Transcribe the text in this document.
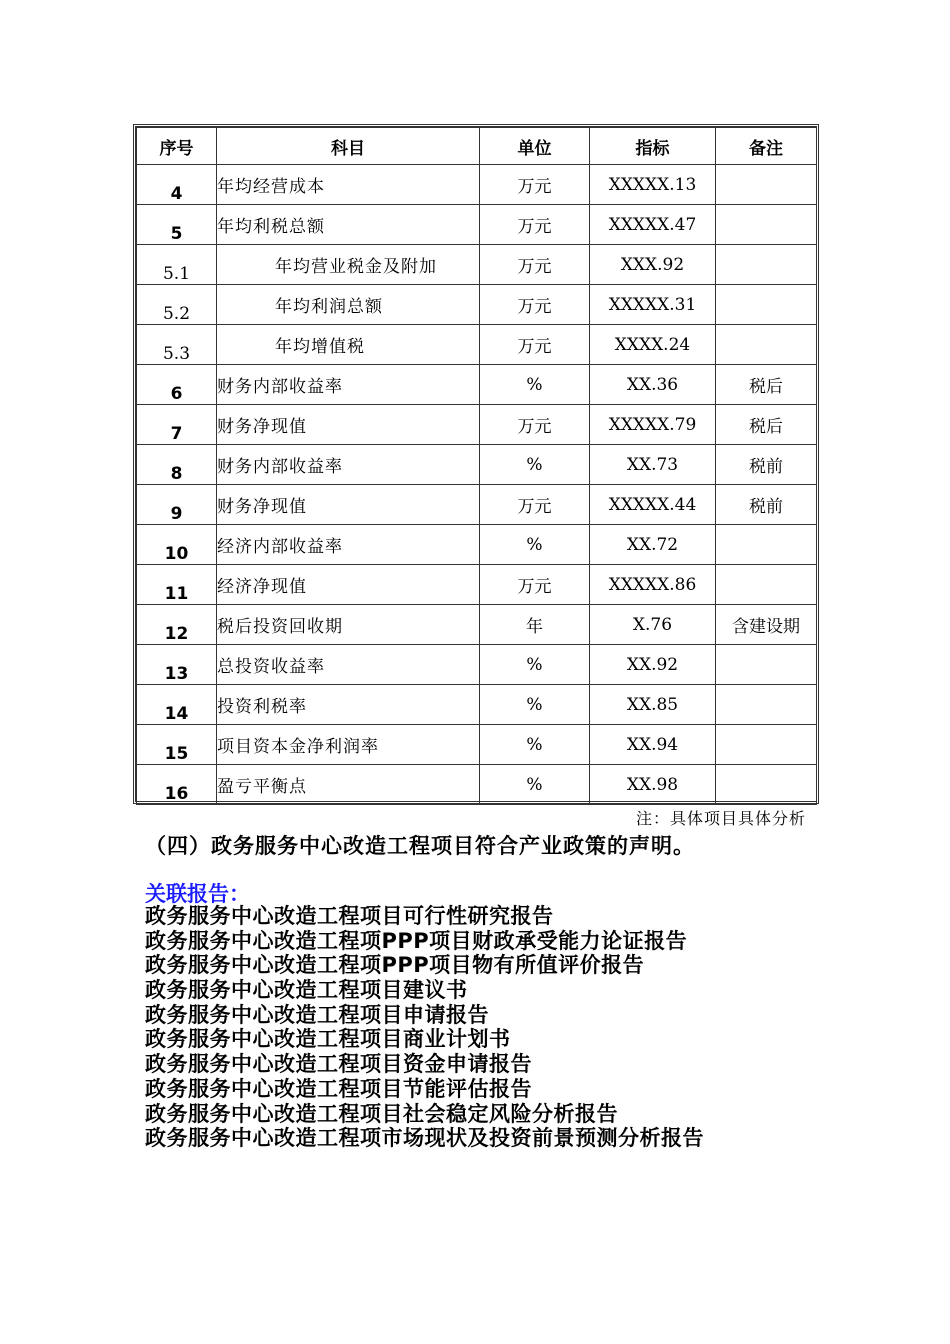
序号	科目	单位	指标	备注
4	年均经营成本	万元	XXXXX.13	
5	年均利税总额	万元	XXXXX.47	
5.1	年均营业税金及附加	万元	XXX.92	
5.2	年均利润总额	万元	XXXXX.31	
5.3	年均增值税	万元	XXXX.24	
6	财务内部收益率	%	XX.36	税后
7	财务净现值	万元	XXXXX.79	税后
8	财务内部收益率	%	XX.73	税前
9	财务净现值	万元	XXXXX.44	税前
10	经济内部收益率	%	XX.72	
11	经济净现值	万元	XXXXX.86	
12	税后投资回收期	年	X.76	含建设期
13	总投资收益率	%	XX.92	
14	投资利税率	%	XX.85	
15	项目资本金净利润率	%	XX.94	
16	盈亏平衡点	%	XX.98	
注：具体项目具体分析
（四）政务服务中心改造工程项目符合产业政策的声明。
关联报告：
政务服务中心改造工程项目可行性研究报告
政务服务中心改造工程项PPP项目财政承受能力论证报告
政务服务中心改造工程项PPP项目物有所值评价报告
政务服务中心改造工程项目建议书
政务服务中心改造工程项目申请报告
政务服务中心改造工程项目商业计划书
政务服务中心改造工程项目资金申请报告
政务服务中心改造工程项目节能评估报告
政务服务中心改造工程项目社会稳定风险分析报告
政务服务中心改造工程项市场现状及投资前景预测分析报告
